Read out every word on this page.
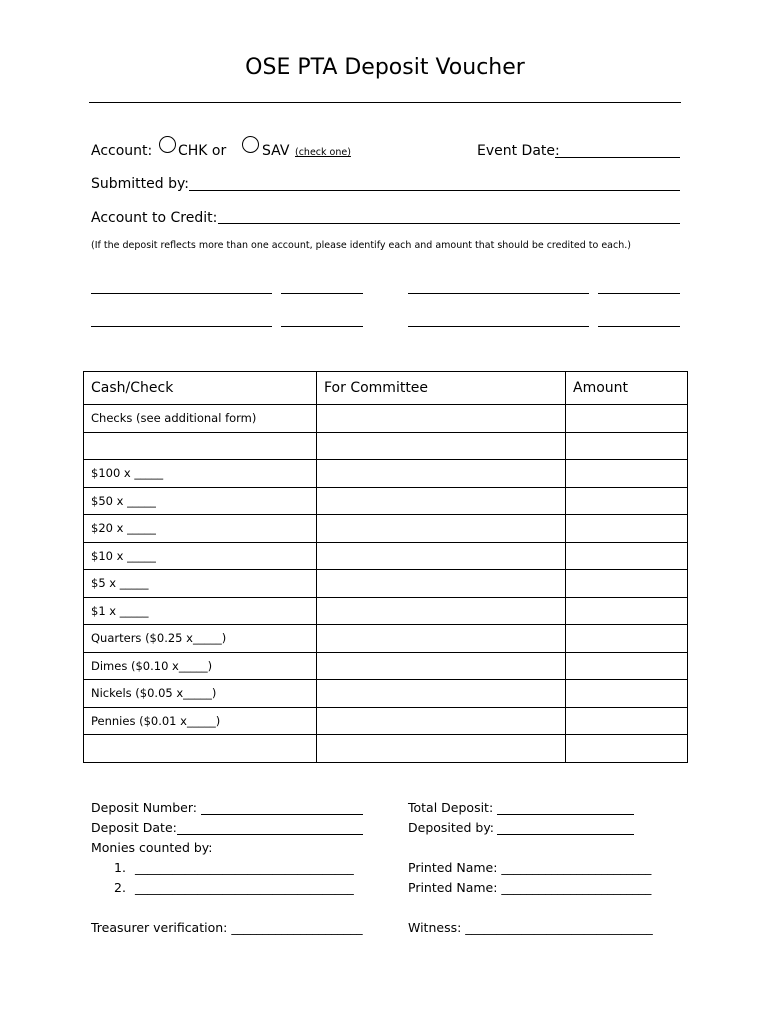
OSE PTA Deposit Voucher
Account: CHK or	SAV (check one)	Event Date:
Submitted by:
Account to Credit:
(If the deposit reflects more than one account, please identify each and amount that should be credited to each.)
Cash/Check	For Committee	Amount
Checks (see additional form)		

$100 x _____		
$50 x _____		
$20 x _____		
$10 x _____		
$5 x _____		
$1 x _____		
Quarters ($0.25 x_____)		
Dimes ($0.10 x_____)		
Nickels ($0.05 x_____)		
Pennies ($0.01 x_____)		

Deposit Number:
Deposit Date:
Monies counted by:
1. ___________________________________
2. ___________________________________
Treasurer verification: _____________________
Total Deposit:
Deposited by:
Printed Name: ________________________
Printed Name: ________________________
Witness: ______________________________
